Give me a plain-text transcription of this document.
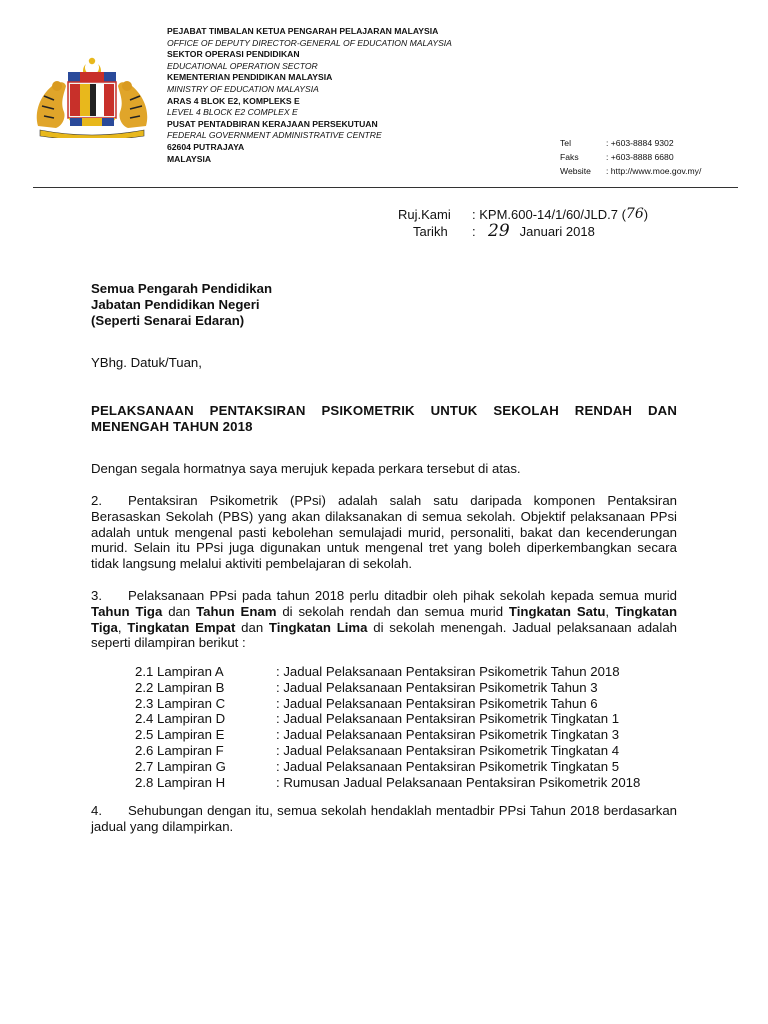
PEJABAT TIMBALAN KETUA PENGARAH PELAJARAN MALAYSIA
OFFICE OF DEPUTY DIRECTOR-GENERAL OF EDUCATION MALAYSIA
SEKTOR OPERASI PENDIDIKAN
EDUCATIONAL OPERATION SECTOR
KEMENTERIAN PENDIDIKAN MALAYSIA
MINISTRY OF EDUCATION MALAYSIA
ARAS 4 BLOK E2, KOMPLEKS E
LEVEL 4 BLOCK E2 COMPLEX E
PUSAT PENTADBIRAN KERAJAAN PERSEKUTUAN
FEDERAL GOVERNMENT ADMINISTRATIVE CENTRE
62604 PUTRAJAYA
MALAYSIA
Tel	: +603-8884 9302
Faks	: +603-8888 6680
Website	: http://www.moe.gov.my/
Ruj.Kami	: KPM.600-14/1/60/JLD.7 ( 76 )
Tarikh	: 29 Januari 2018
Semua Pengarah Pendidikan
Jabatan Pendidikan Negeri
(Seperti Senarai Edaran)
YBhg. Datuk/Tuan,
PELAKSANAAN PENTAKSIRAN PSIKOMETRIK UNTUK SEKOLAH RENDAH DAN MENENGAH TAHUN 2018
Dengan segala hormatnya saya merujuk kepada perkara tersebut di atas.
2. Pentaksiran Psikometrik (PPsi) adalah salah satu daripada komponen Pentaksiran Berasaskan Sekolah (PBS) yang akan dilaksanakan di semua sekolah. Objektif pelaksanaan PPsi adalah untuk mengenal pasti kebolehan semulajadi murid, personaliti, bakat dan kecenderungan murid. Selain itu PPsi juga digunakan untuk mengenal tret yang boleh diperkembangkan secara tidak langsung melalui aktiviti pembelajaran di sekolah.
3. Pelaksanaan PPsi pada tahun 2018 perlu ditadbir oleh pihak sekolah kepada semua murid Tahun Tiga dan Tahun Enam di sekolah rendah dan semua murid Tingkatan Satu, Tingkatan Tiga, Tingkatan Empat dan Tingkatan Lima di sekolah menengah. Jadual pelaksanaan adalah seperti dilampiran berikut :
2.1 Lampiran A	: Jadual Pelaksanaan Pentaksiran Psikometrik Tahun 2018
2.2 Lampiran B	: Jadual Pelaksanaan Pentaksiran Psikometrik Tahun 3
2.3 Lampiran C	: Jadual Pelaksanaan Pentaksiran Psikometrik Tahun 6
2.4 Lampiran D	: Jadual Pelaksanaan Pentaksiran Psikometrik Tingkatan 1
2.5 Lampiran E	: Jadual Pelaksanaan Pentaksiran Psikometrik Tingkatan 3
2.6 Lampiran F	: Jadual Pelaksanaan Pentaksiran Psikometrik Tingkatan 4
2.7 Lampiran G	: Jadual Pelaksanaan Pentaksiran Psikometrik Tingkatan 5
2.8 Lampiran H	: Rumusan Jadual Pelaksanaan Pentaksiran Psikometrik 2018
4. Sehubungan dengan itu, semua sekolah hendaklah mentadbir PPsi Tahun 2018 berdasarkan jadual yang dilampirkan.
